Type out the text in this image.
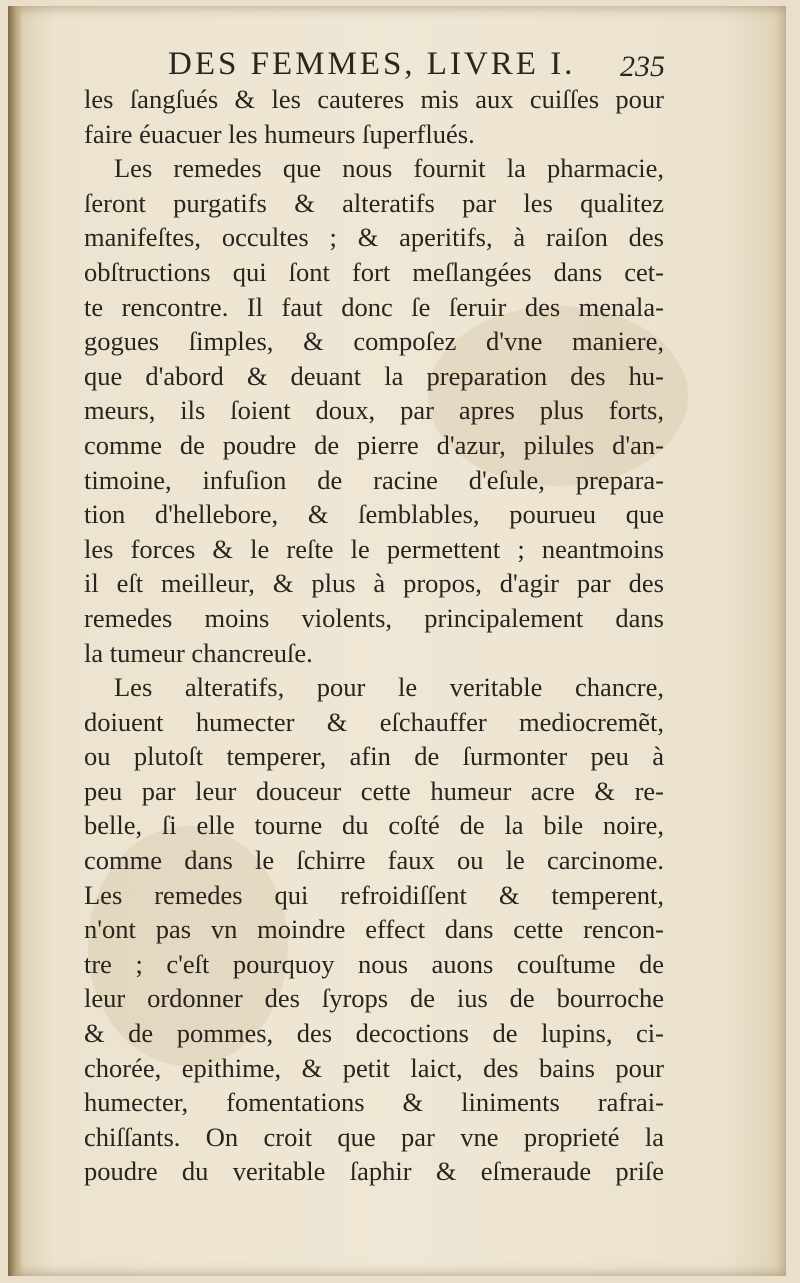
DES FEMMES, LIVRE I.	235
les ſangſués & les cauteres mis aux cuiſſes pour
faire éuacuer les humeurs ſuperflués.
Les remedes que nous fournit la pharmacie,
ſeront purgatifs & alteratifs par les qualitez
manifeſtes, occultes ; & aperitifs, à raiſon des
obſtructions qui ſont fort meſlangées dans cet-
te rencontre. Il faut donc ſe ſeruir des menala-
gogues ſimples, & compoſez d'vne maniere,
que d'abord & deuant la preparation des hu-
meurs, ils ſoient doux, par apres plus forts,
comme de poudre de pierre d'azur, pilules d'an-
timoine, infuſion de racine d'eſule, prepara-
tion d'hellebore, & ſemblables, pourueu que
les forces & le reſte le permettent ; neantmoins
il eſt meilleur, & plus à propos, d'agir par des
remedes moins violents, principalement dans
la tumeur chancreuſe.
Les alteratifs, pour le veritable chancre,
doiuent humecter & eſchauffer mediocremẽt,
ou plutoſt temperer, afin de ſurmonter peu à
peu par leur douceur cette humeur acre & re-
belle, ſi elle tourne du coſté de la bile noire,
comme dans le ſchirre faux ou le carcinome.
Les remedes qui refroidiſſent & temperent,
n'ont pas vn moindre effect dans cette rencon-
tre ; c'eſt pourquoy nous auons couſtume de
leur ordonner des ſyrops de ius de bourroche
& de pommes, des decoctions de lupins, ci-
chorée, epithime, & petit laict, des bains pour
humecter, fomentations & liniments rafrai-
chiſſants. On croit que par vne proprieté la
poudre du veritable ſaphir & eſmeraude priſe
